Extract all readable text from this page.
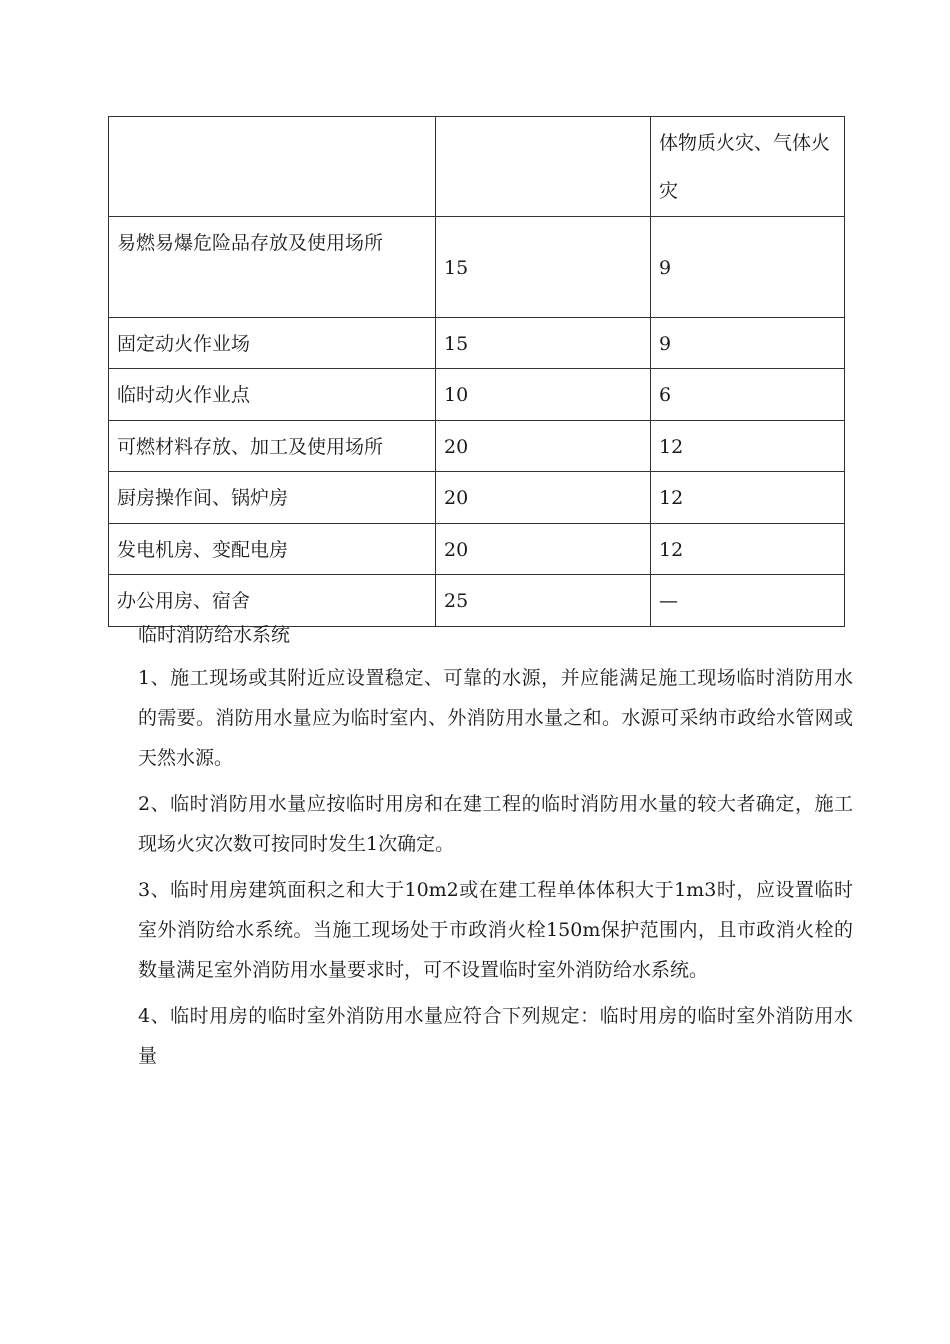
		体物质火灾、气体火灾
易燃易爆危险品存放及使用场所	15	9
固定动火作业场	15	9
临时动火作业点	10	6
可燃材料存放、加工及使用场所	20	12
厨房操作间、锅炉房	20	12
发电机房、变配电房	20	12
办公用房、宿舍	25	—
临时消防给水系统

1、施工现场或其附近应设置稳定、可靠的水源，并应能满足施工现场临时消防用水的需要。消防用水量应为临时室内、外消防用水量之和。水源可采纳市政给水管网或天然水源。

2、临时消防用水量应按临时用房和在建工程的临时消防用水量的较大者确定，施工现场火灾次数可按同时发生1次确定。

3、临时用房建筑面积之和大于10m2或在建工程单体体积大于1m3时，应设置临时室外消防给水系统。当施工现场处于市政消火栓150m保护范围内，且市政消火栓的数量满足室外消防用水量要求时，可不设置临时室外消防给水系统。

4、临时用房的临时室外消防用水量应符合下列规定：临时用房的临时室外消防用水量
